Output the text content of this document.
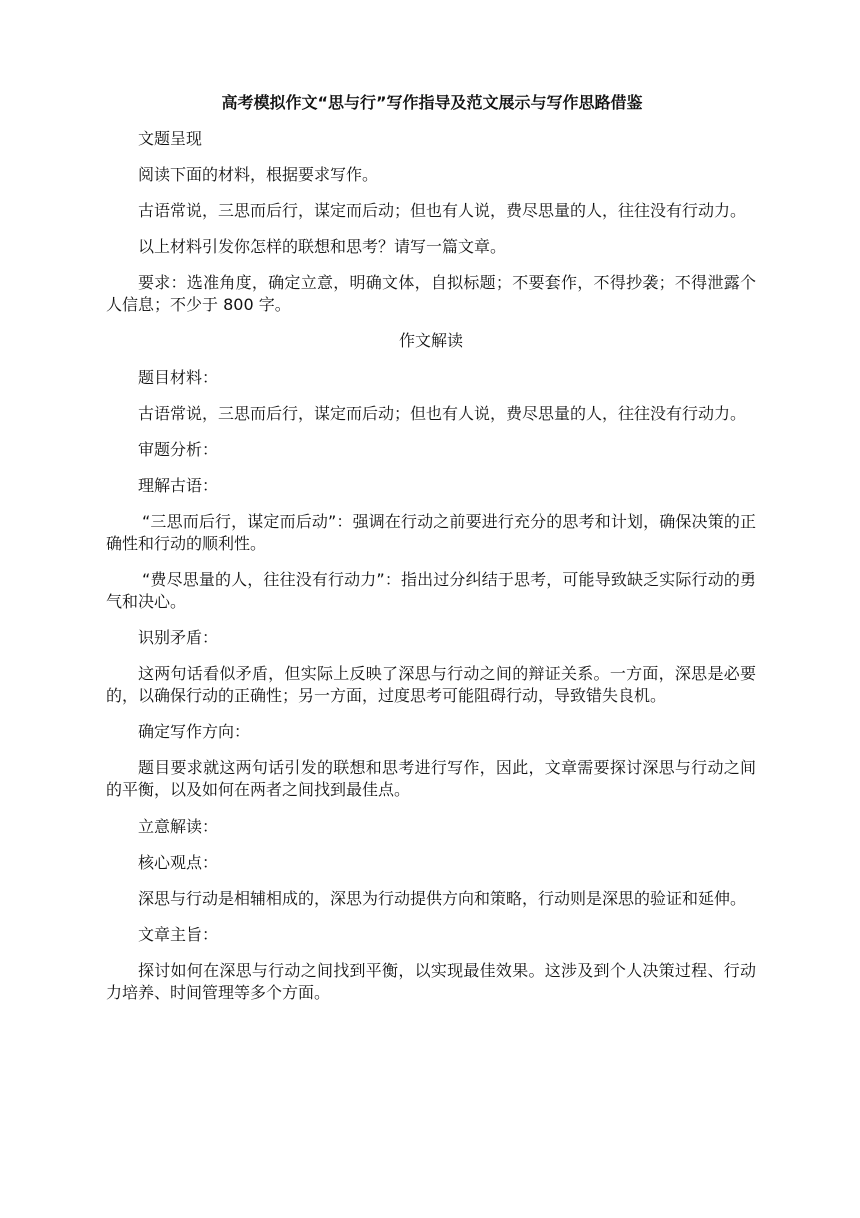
高考模拟作文“思与行”写作指导及范文展示与写作思路借鉴
文题呈现
阅读下面的材料，根据要求写作。
古语常说，三思而后行，谋定而后动；但也有人说，费尽思量的人，往往没有行动力。
以上材料引发你怎样的联想和思考？请写一篇文章。
要求：选准角度，确定立意，明确文体，自拟标题；不要套作，不得抄袭；不得泄露个人信息；不少于 800 字。
作文解读
题目材料：
古语常说，三思而后行，谋定而后动；但也有人说，费尽思量的人，往往没有行动力。
审题分析：
理解古语：
“三思而后行，谋定而后动”：强调在行动之前要进行充分的思考和计划，确保决策的正确性和行动的顺利性。
“费尽思量的人，往往没有行动力”：指出过分纠结于思考，可能导致缺乏实际行动的勇气和决心。
识别矛盾：
这两句话看似矛盾，但实际上反映了深思与行动之间的辩证关系。一方面，深思是必要的，以确保行动的正确性；另一方面，过度思考可能阻碍行动，导致错失良机。
确定写作方向：
题目要求就这两句话引发的联想和思考进行写作，因此，文章需要探讨深思与行动之间的平衡，以及如何在两者之间找到最佳点。
立意解读：
核心观点：
深思与行动是相辅相成的，深思为行动提供方向和策略，行动则是深思的验证和延伸。
文章主旨：
探讨如何在深思与行动之间找到平衡，以实现最佳效果。这涉及到个人决策过程、行动力培养、时间管理等多个方面。
